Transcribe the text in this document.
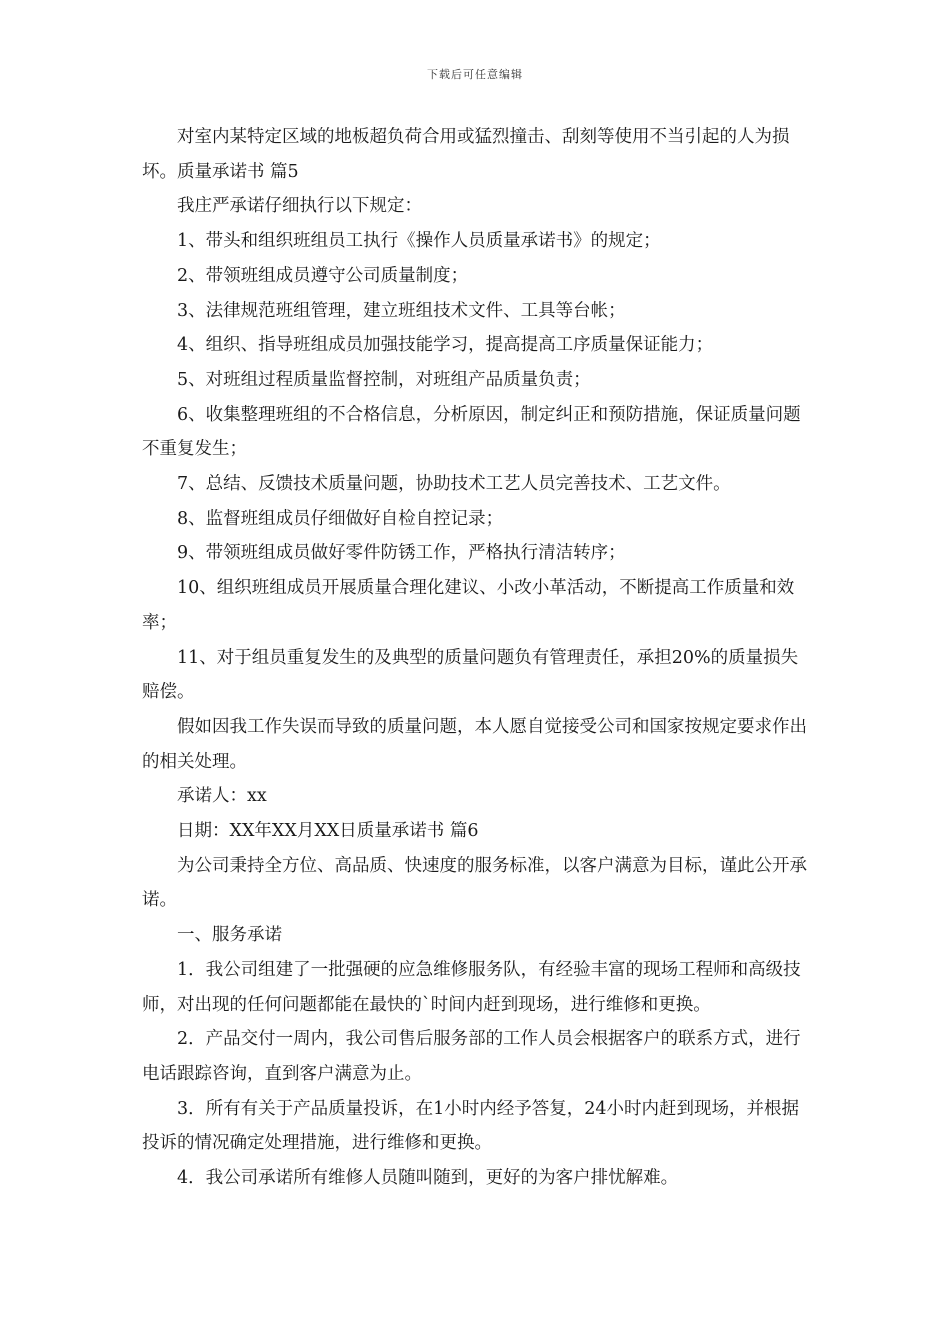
下载后可任意编辑

对室内某特定区域的地板超负荷合用或猛烈撞击、刮刻等使用不当引起的人为损坏。质量承诺书 篇5

我庄严承诺仔细执行以下规定：

1、带头和组织班组员工执行《操作人员质量承诺书》的规定；

2、带领班组成员遵守公司质量制度；

3、法律规范班组管理，建立班组技术文件、工具等台帐；

4、组织、指导班组成员加强技能学习，提高提高工序质量保证能力；

5、对班组过程质量监督控制，对班组产品质量负责；

6、收集整理班组的不合格信息，分析原因，制定纠正和预防措施，保证质量问题不重复发生；

7、总结、反馈技术质量问题，协助技术工艺人员完善技术、工艺文件。

8、监督班组成员仔细做好自检自控记录；

9、带领班组成员做好零件防锈工作，严格执行清洁转序；

10、组织班组成员开展质量合理化建议、小改小革活动，不断提高工作质量和效率；

11、对于组员重复发生的及典型的质量问题负有管理责任，承担20%的质量损失赔偿。

假如因我工作失误而导致的质量问题，本人愿自觉接受公司和国家按规定要求作出的相关处理。

承诺人：xx

日期：XX年XX月XX日质量承诺书 篇6

为公司秉持全方位、高品质、快速度的服务标准，以客户满意为目标，谨此公开承诺。

一、服务承诺

1．我公司组建了一批强硬的应急维修服务队，有经验丰富的现场工程师和高级技师，对出现的任何问题都能在最快的`时间内赶到现场，进行维修和更换。

2．产品交付一周内，我公司售后服务部的工作人员会根据客户的联系方式，进行电话跟踪咨询，直到客户满意为止。

3．所有有关于产品质量投诉，在1小时内经予答复，24小时内赶到现场，并根据投诉的情况确定处理措施，进行维修和更换。

4．我公司承诺所有维修人员随叫随到，更好的为客户排忧解难。
